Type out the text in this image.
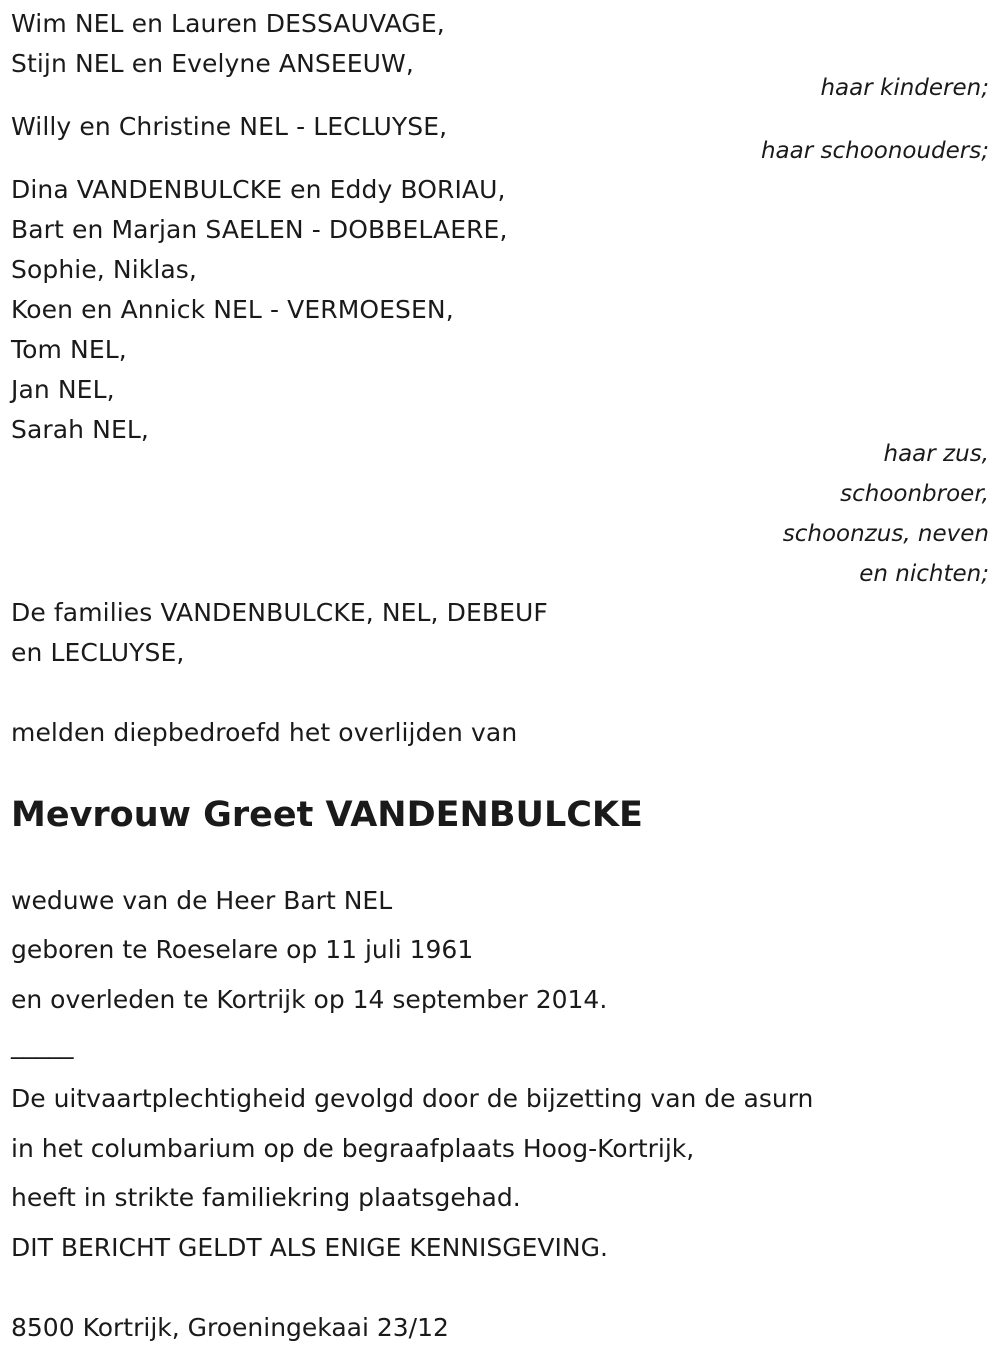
Wim NEL en Lauren DESSAUVAGE,
Stijn NEL en Evelyne ANSEEUW,
haar kinderen;
Willy en Christine NEL - LECLUYSE,
haar schoonouders;
Dina VANDENBULCKE en Eddy BORIAU,
Bart en Marjan SAELEN - DOBBELAERE,
Sophie, Niklas,
Koen en Annick NEL - VERMOESEN,
Tom NEL,
Jan NEL,
Sarah NEL,
haar zus,
schoonbroer,
schoonzus, neven
en nichten;
De families VANDENBULCKE, NEL, DEBEUF
en LECLUYSE,
melden diepbedroefd het overlijden van
Mevrouw Greet VANDENBULCKE
weduwe van de Heer Bart NEL
geboren te Roeselare op 11 juli 1961
en overleden te Kortrijk op 14 september 2014.
_____
De uitvaartplechtigheid gevolgd door de bijzetting van de asurn
in het columbarium op de begraafplaats Hoog-Kortrijk,
heeft in strikte familiekring plaatsgehad.
DIT BERICHT GELDT ALS ENIGE KENNISGEVING.
8500 Kortrijk, Groeningekaai 23/12
